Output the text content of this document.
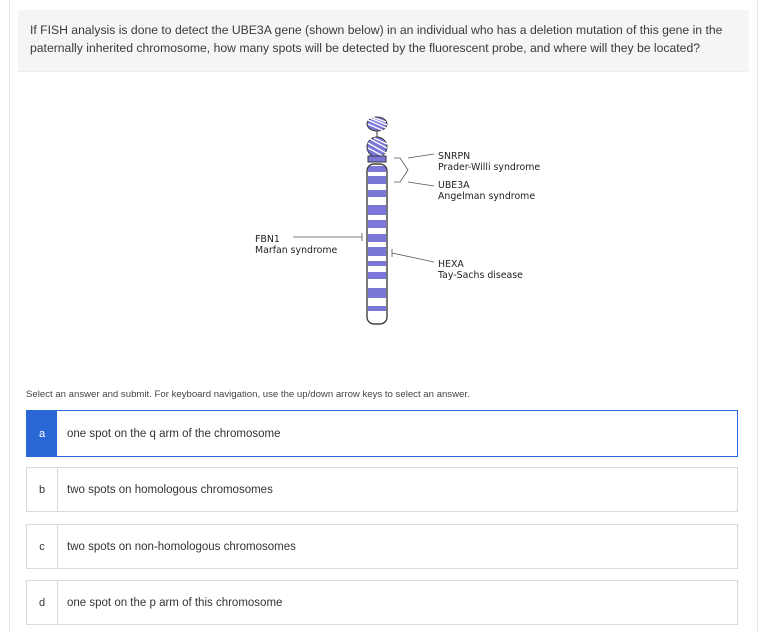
If FISH analysis is done to detect the UBE3A gene (shown below) in an individual who has a deletion mutation of this gene in the paternally inherited chromosome, how many spots will be detected by the fluorescent probe, and where will they be located?

FBN1
Marfan syndrome
SNRPN
Prader-Willi syndrome
UBE3A
Angelman syndrome
HEXA
Tay-Sachs disease

Select an answer and submit. For keyboard navigation, use the up/down arrow keys to select an answer.

a	one spot on the q arm of the chromosome
b	two spots on homologous chromosomes
c	two spots on non-homologous chromosomes
d	one spot on the p arm of this chromosome
